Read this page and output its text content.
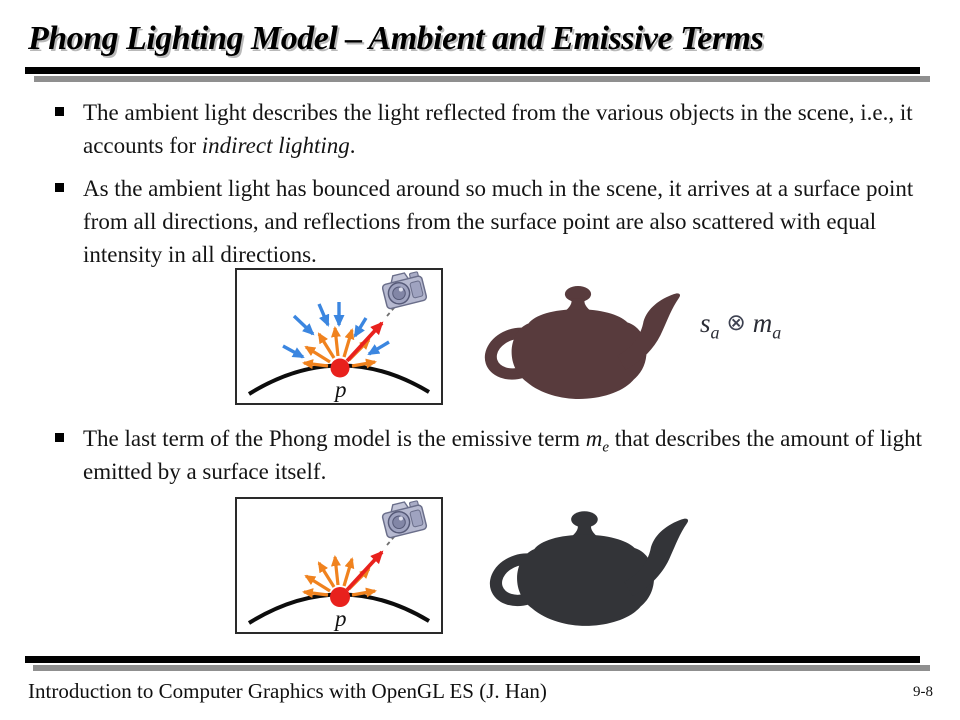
Phong Lighting Model – Ambient and Emissive Terms
The ambient light describes the light reflected from the various objects in the scene, i.e., it accounts for indirect lighting.
As the ambient light has bounced around so much in the scene, it arrives at a surface point from all directions, and reflections from the surface point are also scattered with equal intensity in all directions.
p
$s_a$ ⊗ $m_a$
The last term of the Phong model is the emissive term $m_e$ that describes the amount of light emitted by a surface itself.
p
Introduction to Computer Graphics with OpenGL ES (J. Han)	9-8
